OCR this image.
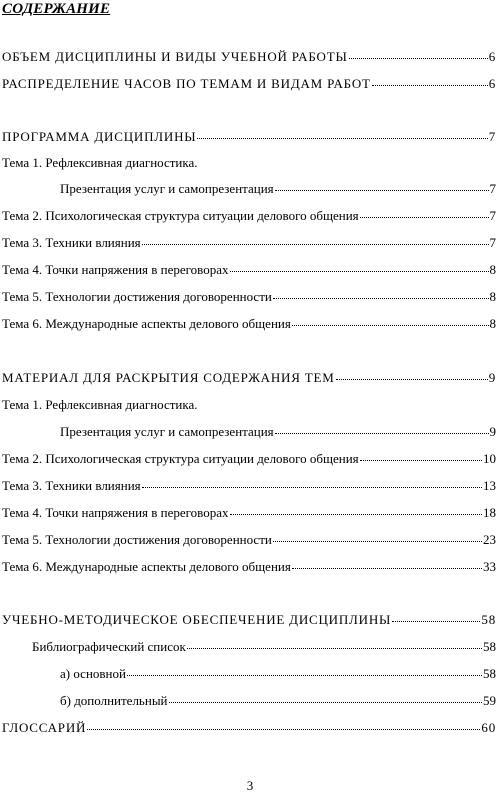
СОДЕРЖАНИЕ
ОБЪЕМ ДИСЦИПЛИНЫ И ВИДЫ УЧЕБНОЙ РАБОТЫ	6
РАСПРЕДЕЛЕНИЕ ЧАСОВ ПО ТЕМАМ И ВИДАМ РАБОТ	6
ПРОГРАММА ДИСЦИПЛИНЫ	7
Тема 1. Рефлексивная диагностика.
Презентация услуг и самопрезентация	7
Тема 2. Психологическая структура ситуации делового общения	7
Тема 3. Техники влияния	7
Тема 4. Точки напряжения в переговорах	8
Тема 5. Технологии достижения договоренности	8
Тема 6. Международные аспекты делового общения	8
МАТЕРИАЛ ДЛЯ РАСКРЫТИЯ СОДЕРЖАНИЯ ТЕМ	9
Тема 1. Рефлексивная диагностика.
Презентация услуг и самопрезентация	9
Тема 2. Психологическая структура ситуации делового общения	10
Тема 3. Техники влияния	13
Тема 4. Точки напряжения в переговорах	18
Тема 5. Технологии достижения договоренности	23
Тема 6. Международные аспекты делового общения	33
УЧЕБНО-МЕТОДИЧЕСКОЕ ОБЕСПЕЧЕНИЕ ДИСЦИПЛИНЫ	58
Библиографический список	58
а) основной	58
б) дополнительный	59
ГЛОССАРИЙ	60
3
